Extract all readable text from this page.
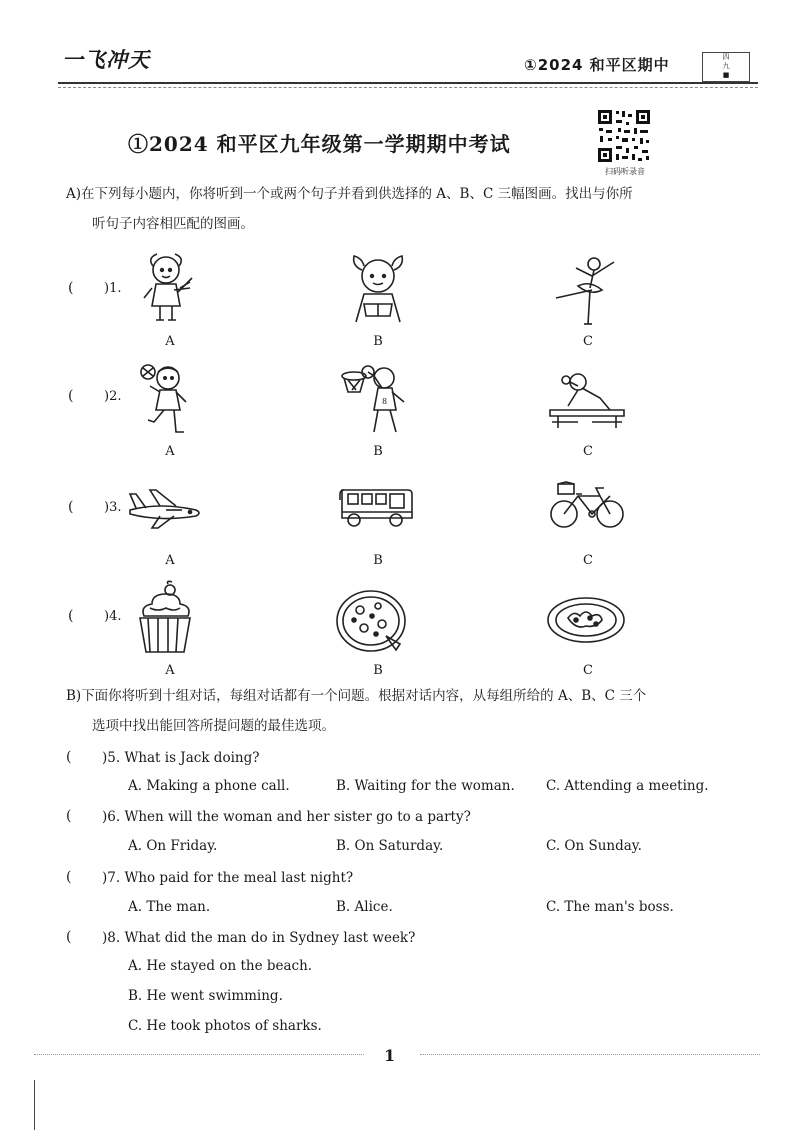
一飞冲天	①2024 和平区期中	四
九
■
①2024 和平区九年级第一学期期中考试
扫码听录音
A)在下列每小题内，你将听到一个或两个句子并看到供选择的 A、B、C 三幅图画。找出与你所
听句子内容相匹配的图画。
( )1.
A	B	C
( )2.	8
A	B	C
( )3.
A	B	C
( )4.
A	B	C
B)下面你将听到十组对话，每组对话都有一个问题。根据对话内容，从每组所给的 A、B、C 三个
选项中找出能回答所提问题的最佳选项。
( )5. What is Jack doing?
A. Making a phone call.	B. Waiting for the woman. C. Attending a meeting.
( )6. When will the woman and her sister go to a party?
A. On Friday.	B. On Saturday.	C. On Sunday.
( )7. Who paid for the meal last night?
A. The man.	B. Alice.	C. The man's boss.
( )8. What did the man do in Sydney last week?
A. He stayed on the beach.
B. He went swimming.
C. He took photos of sharks.
1
